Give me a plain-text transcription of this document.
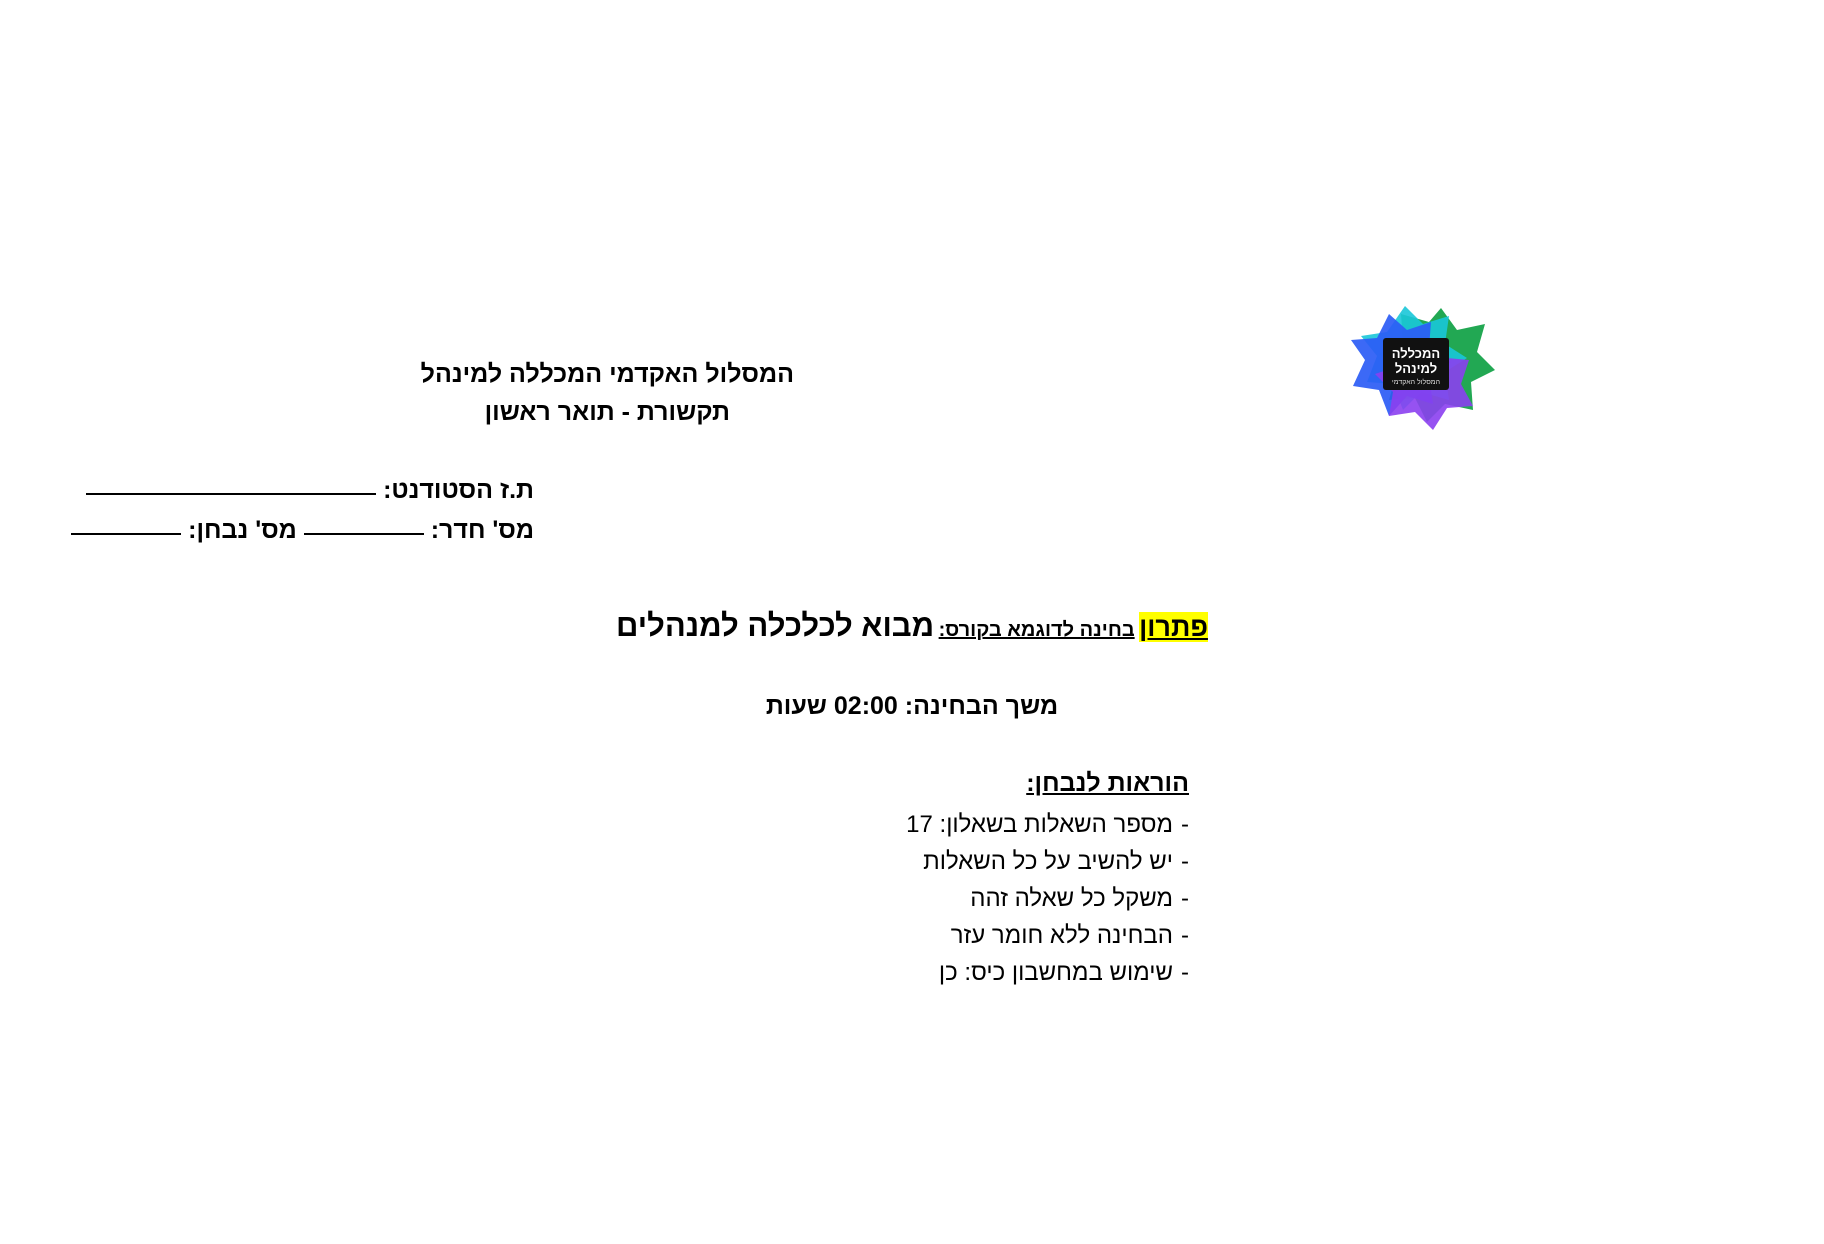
המכללה
למינהל
המסלול האקדמי
המסלול האקדמי המכללה למינהל
תקשורת - תואר ראשון
ת.ז הסטודנט:
מס' חדר:  מס' נבחן:
פתרון בחינה לדוגמא בקורס: מבוא לכלכלה למנהלים
משך הבחינה: 02:00 שעות
הוראות לנבחן:
-מספר השאלות בשאלון: 17
-יש להשיב על כל השאלות
-משקל כל שאלה זהה
-הבחינה ללא חומר עזר
-שימוש במחשבון כיס: כן
